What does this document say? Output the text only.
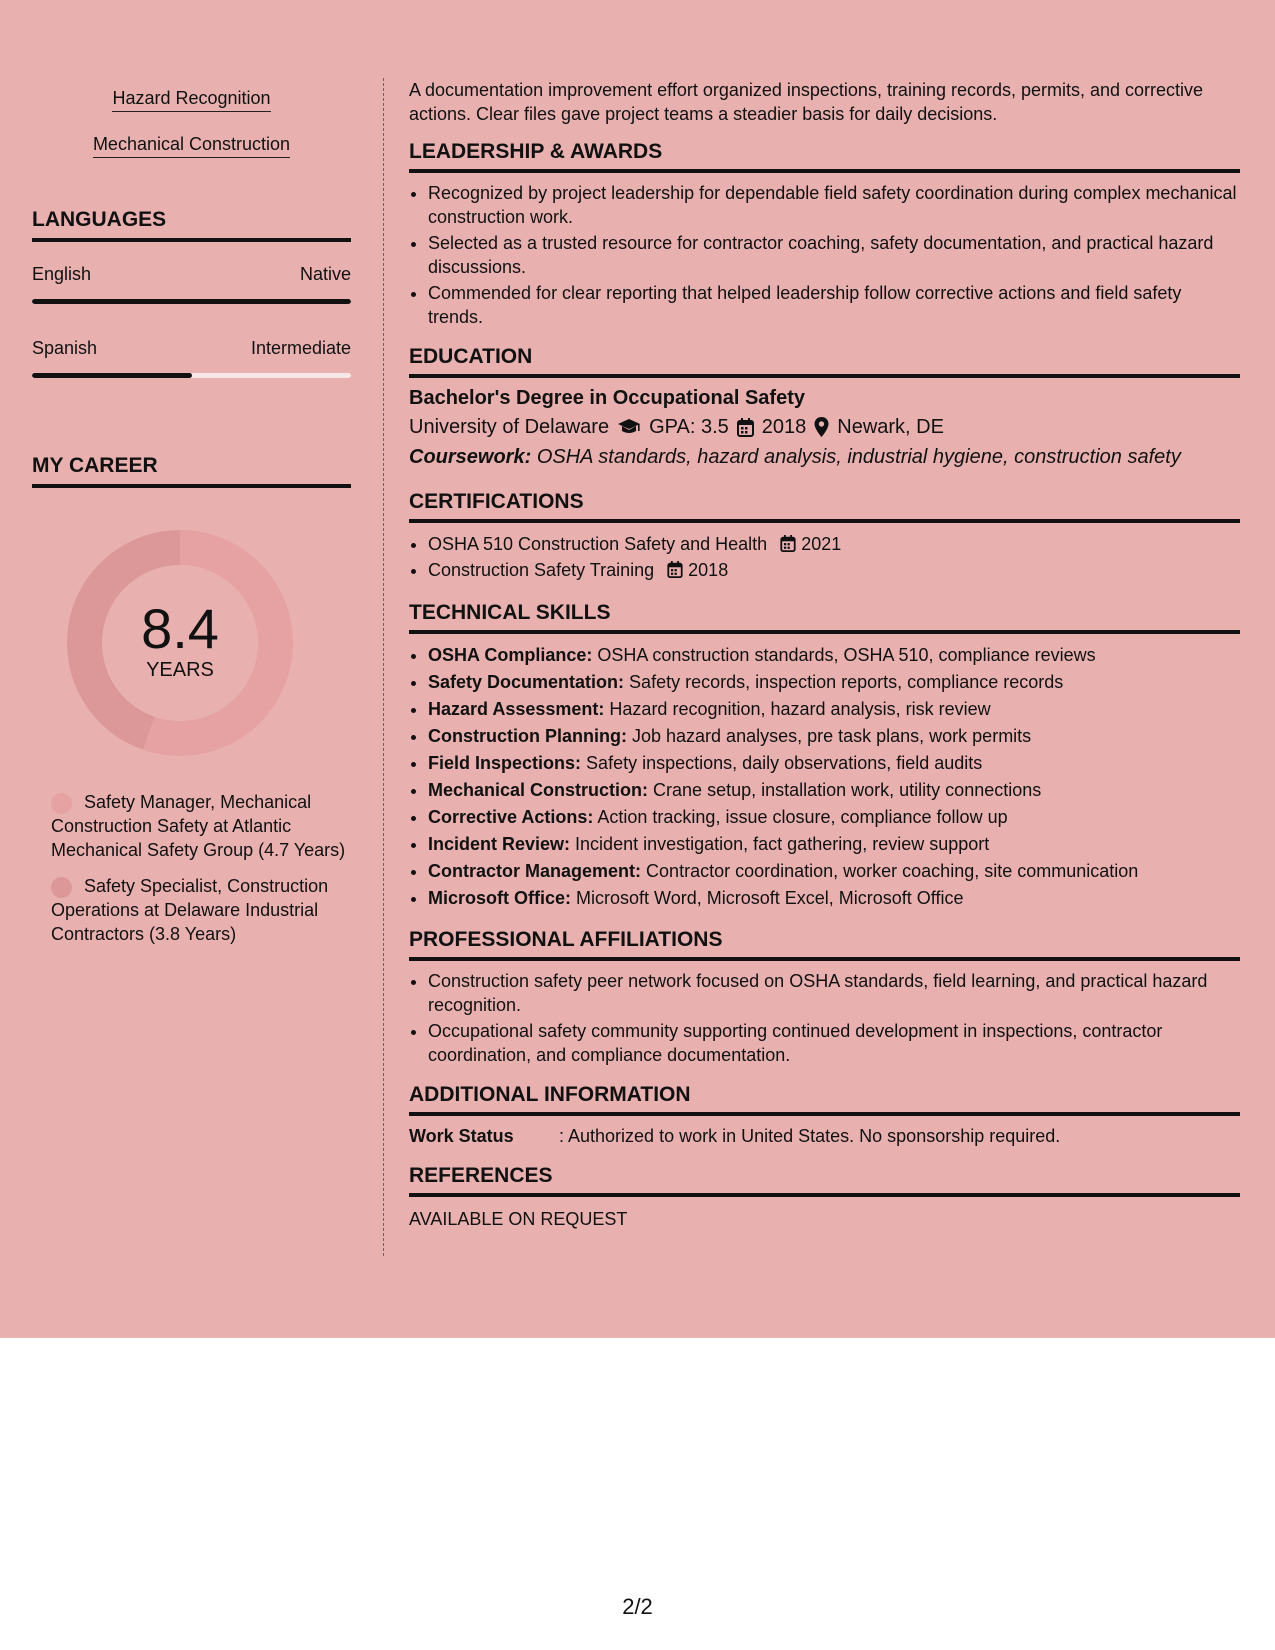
Hazard Recognition
Mechanical Construction
LANGUAGES
English	Native
Spanish	Intermediate
MY CAREER
8.4
YEARS
Safety Manager, Mechanical Construction Safety at Atlantic Mechanical Safety Group (4.7 Years)
Safety Specialist, Construction Operations at Delaware Industrial Contractors (3.8 Years)

A documentation improvement effort organized inspections, training records, permits, and corrective actions. Clear files gave project teams a steadier basis for daily decisions.

LEADERSHIP & AWARDS
• Recognized by project leadership for dependable field safety coordination during complex mechanical construction work.
• Selected as a trusted resource for contractor coaching, safety documentation, and practical hazard discussions.
• Commended for clear reporting that helped leadership follow corrective actions and field safety trends.
EDUCATION
Bachelor's Degree in Occupational Safety
University of Delaware GPA: 3.5 2018 Newark, DE
Coursework: OSHA standards, hazard analysis, industrial hygiene, construction safety
CERTIFICATIONS
• OSHA 510 Construction Safety and Health 2021
• Construction Safety Training 2018
TECHNICAL SKILLS
• OSHA Compliance: OSHA construction standards, OSHA 510, compliance reviews
• Safety Documentation: Safety records, inspection reports, compliance records
• Hazard Assessment: Hazard recognition, hazard analysis, risk review
• Construction Planning: Job hazard analyses, pre task plans, work permits
• Field Inspections: Safety inspections, daily observations, field audits
• Mechanical Construction: Crane setup, installation work, utility connections
• Corrective Actions: Action tracking, issue closure, compliance follow up
• Incident Review: Incident investigation, fact gathering, review support
• Contractor Management: Contractor coordination, worker coaching, site communication
• Microsoft Office: Microsoft Word, Microsoft Excel, Microsoft Office
PROFESSIONAL AFFILIATIONS
• Construction safety peer network focused on OSHA standards, field learning, and practical hazard recognition.
• Occupational safety community supporting continued development in inspections, contractor coordination, and compliance documentation.
ADDITIONAL INFORMATION
Work Status	: Authorized to work in United States. No sponsorship required.
REFERENCES
AVAILABLE ON REQUEST
2/2
